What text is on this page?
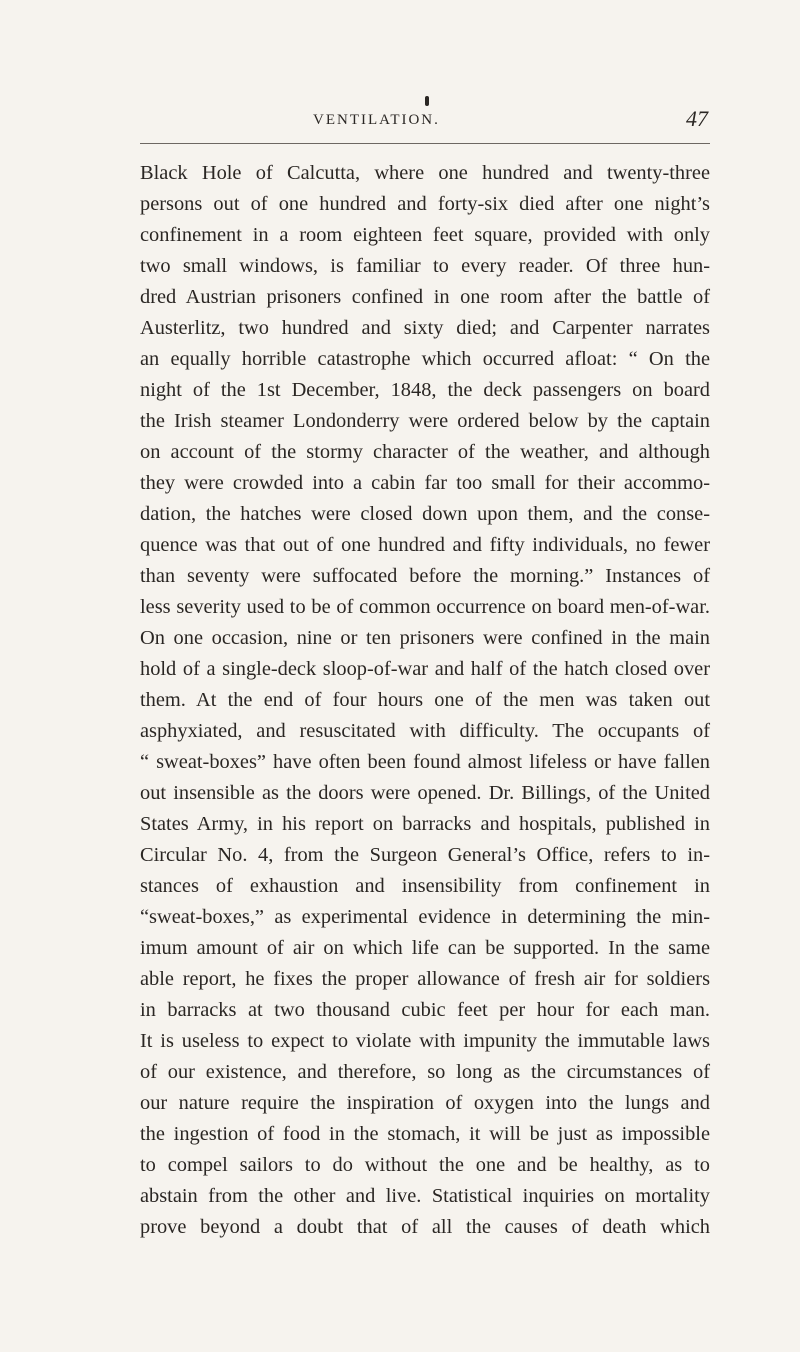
VENTILATION.	47
Black Hole of Calcutta, where one hundred and twenty-three
persons out of one hundred and forty-six died after one night’s
confinement in a room eighteen feet square, provided with only
two small windows, is familiar to every reader. Of three hun-
dred Austrian prisoners confined in one room after the battle of
Austerlitz, two hundred and sixty died; and Carpenter narrates
an equally horrible catastrophe which occurred afloat: “ On the
night of the 1st December, 1848, the deck passengers on board
the Irish steamer Londonderry were ordered below by the captain
on account of the stormy character of the weather, and although
they were crowded into a cabin far too small for their accommo-
dation, the hatches were closed down upon them, and the conse-
quence was that out of one hundred and fifty individuals, no fewer
than seventy were suffocated before the morning.” Instances of
less severity used to be of common occurrence on board men-of-war.
On one occasion, nine or ten prisoners were confined in the main
hold of a single-deck sloop-of-war and half of the hatch closed over
them. At the end of four hours one of the men was taken out
asphyxiated, and resuscitated with difficulty. The occupants of
“ sweat-boxes” have often been found almost lifeless or have fallen
out insensible as the doors were opened. Dr. Billings, of the United
States Army, in his report on barracks and hospitals, published in
Circular No. 4, from the Surgeon General’s Office, refers to in-
stances of exhaustion and insensibility from confinement in
“sweat-boxes,” as experimental evidence in determining the min-
imum amount of air on which life can be supported. In the same
able report, he fixes the proper allowance of fresh air for soldiers
in barracks at two thousand cubic feet per hour for each man.
It is useless to expect to violate with impunity the immutable laws
of our existence, and therefore, so long as the circumstances of
our nature require the inspiration of oxygen into the lungs and
the ingestion of food in the stomach, it will be just as impossible
to compel sailors to do without the one and be healthy, as to
abstain from the other and live. Statistical inquiries on mortality
prove beyond a doubt that of all the causes of death which
